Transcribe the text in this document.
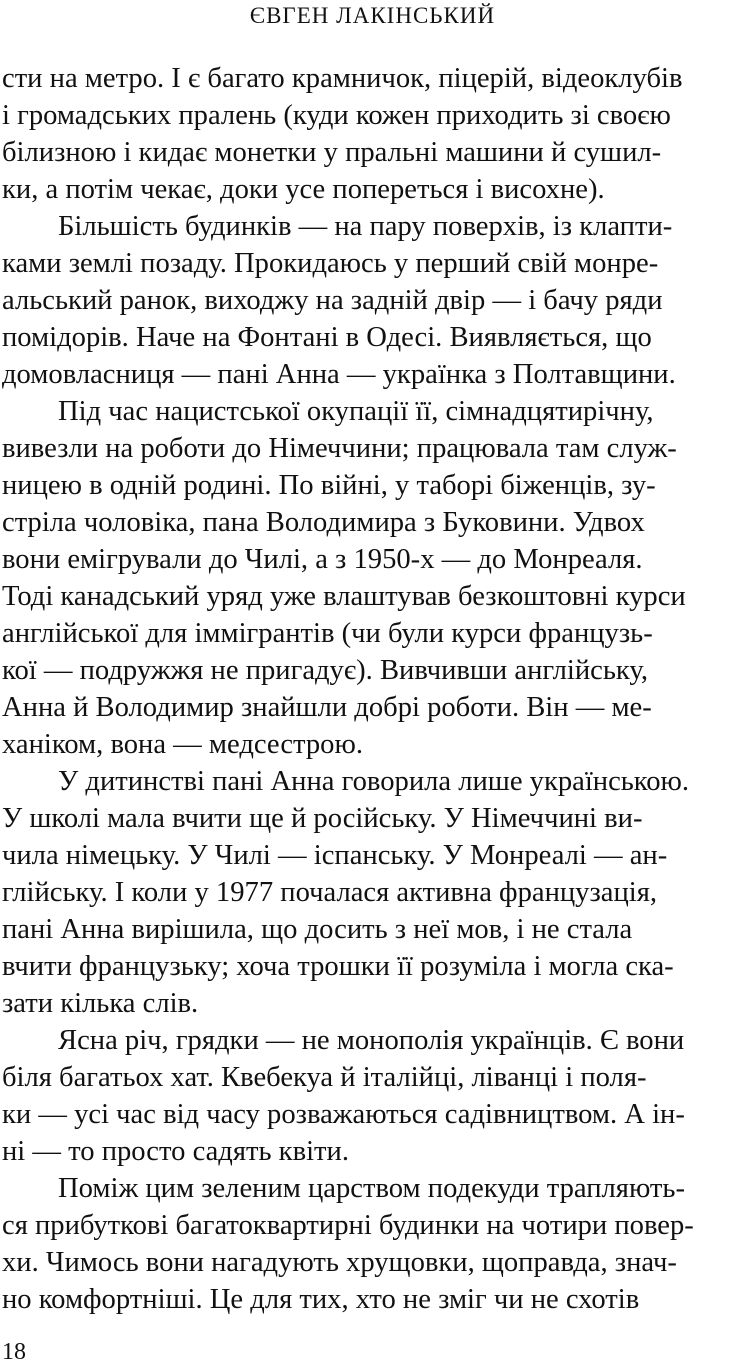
ЄВГЕН ЛАКІНСЬКИЙ
сти на метро. І є багато крамничок, піцерій, відеоклубів
і громадських пралень (куди кожен приходить зі своєю
білизною і кидає монетки у пральні машини й сушил-
ки, а потім чекає, доки усе попереться і висохне).
Більшість будинків — на пару поверхів, із клапти-
ками землі позаду. Прокидаюсь у перший свій монре-
альський ранок, виходжу на задній двір — і бачу ряди
помідорів. Наче на Фонтані в Одесі. Виявляється, що
домовласниця — пані Анна — українка з Полтавщини.
Під час нацистської окупації її, сімнадцятирічну,
вивезли на роботи до Німеччини; працювала там служ-
ницею в одній родині. По війні, у таборі біженців, зу-
стріла чоловіка, пана Володимира з Буковини. Удвох
вони емігрували до Чилі, а з 1950-х — до Монреаля.
Тоді канадський уряд уже влаштував безкоштовні курси
англійської для іммігрантів (чи були курси французь-
кої — подружжя не пригадує). Вивчивши англійську,
Анна й Володимир знайшли добрі роботи. Він — ме-
ханіком, вона — медсестрою.
У дитинстві пані Анна говорила лише українською.
У школі мала вчити ще й російську. У Німеччині ви-
чила німецьку. У Чилі — іспанську. У Монреалі — ан-
глійську. І коли у 1977 почалася активна французація,
пані Анна вирішила, що досить з неї мов, і не стала
вчити французьку; хоча трошки її розуміла і могла ска-
зати кілька слів.
Ясна річ, грядки — не монополія українців. Є вони
біля багатьох хат. Квебекуа й італійці, ліванці і поля-
ки — усі час від часу розважаються садівництвом. А ін-
ні — то просто садять квіти.
Поміж цим зеленим царством подекуди трапляють-
ся прибуткові багатоквартирні будинки на чотири повер-
хи. Чимось вони нагадують хрущовки, щоправда, знач-
но комфортніші. Це для тих, хто не зміг чи не схотів
18
